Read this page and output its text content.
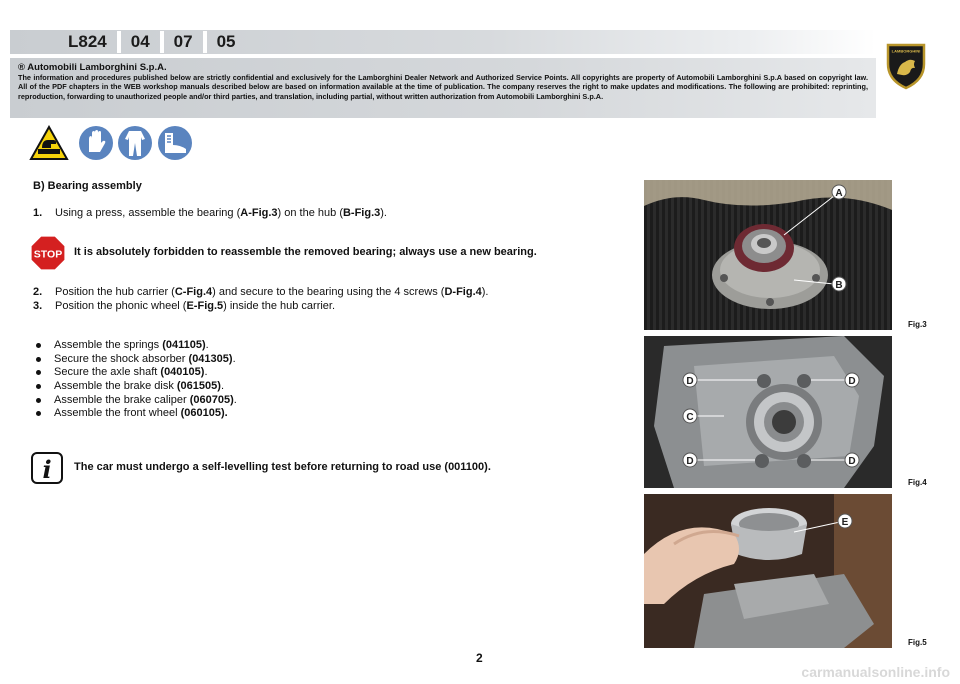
L824	04	07	05	LAMBORGHINI
® Automobili Lamborghini S.p.A.
The information and procedures published below are strictly confidential and exclusively for the Lamborghini Dealer Network and Authorized Service Points. All copyrights are property of Automobili Lamborghini S.p.A based on copyright law. All of the PDF chapters in the WEB workshop manuals described below are based on information available at the time of publication. The company reserves the right to make updates and modifications. The following are prohibited: reprinting, reproduction, forwarding to unauthorized people and/or third parties, and translation, including partial, without written authorization from Automobili Lamborghini S.p.A.
B) Bearing assembly
1. Using a press, assemble the bearing (A-Fig.3) on the hub (B-Fig.3).
STOP It is absolutely forbidden to reassemble the removed bearing; always use a new bearing.
2. Position the hub carrier (C-Fig.4) and secure to the bearing using the 4 screws (D-Fig.4).
3. Position the phonic wheel (E-Fig.5) inside the hub carrier.
Assemble the springs (041105).
Secure the shock absorber (041305).
Secure the axle shaft (040105).
Assemble the brake disk (061505).
Assemble the brake caliper (060705).
Assemble the front wheel (060105).
i The car must undergo a self-levelling test before returning to road use (001100).
A
B
Fig.3
D	D
C
D	D
Fig.4
E
Fig.5
2
carmanualsonline.info
